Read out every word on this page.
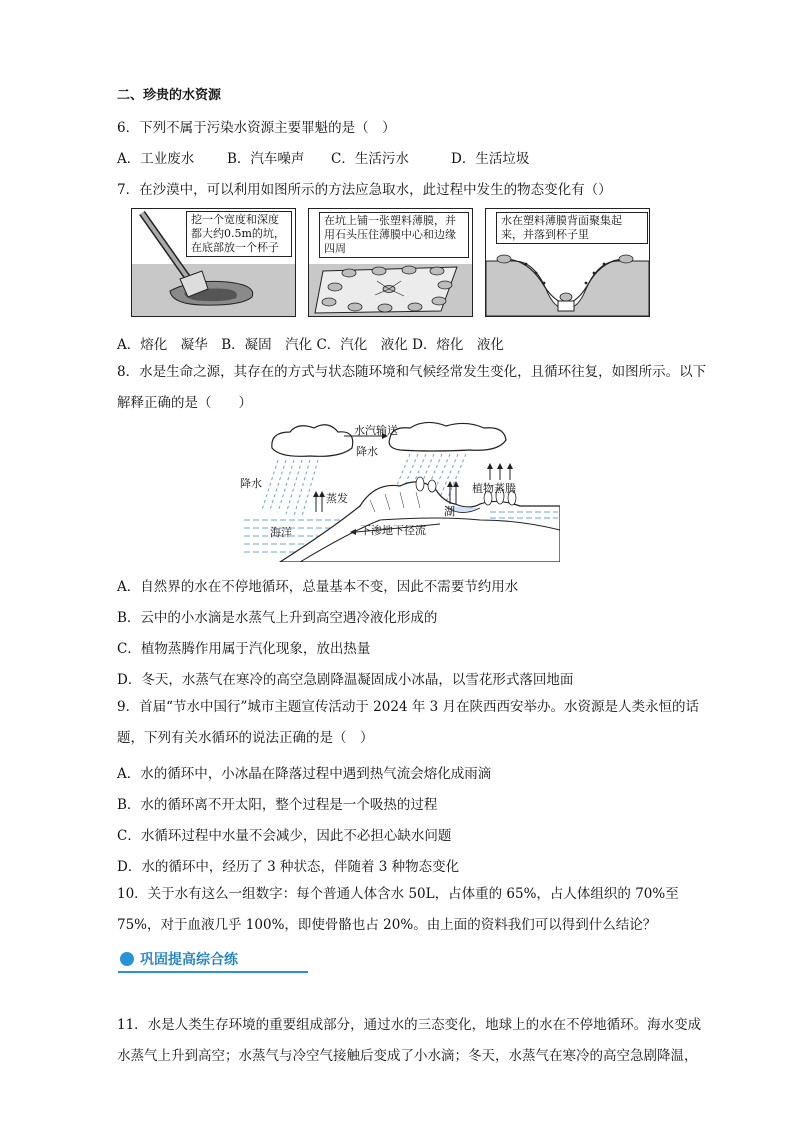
二、珍贵的水资源
6．下列不属于污染水资源主要罪魁的是（　）
A．工业废水 B．汽车噪声 C．生活污水	D．生活垃圾
7．在沙漠中，可以利用如图所示的方法应急取水，此过程中发生的物态变化有（）
挖一个宽度和深度都大约0.5m的坑，在底部放一个杯子
在坑上铺一张塑料薄膜，并用石头压住薄膜中心和边缘四周
水在塑料薄膜背面聚集起来，并落到杯子里
A．熔化　凝华　B．凝固　汽化 C．汽化　液化 D．熔化　液化
8．水是生命之源，其存在的方式与状态随环境和气候经常发生变化，且循环往复，如图所示。以下解释正确的是（　　）
水汽输送
降水
降水
蒸发
植物蒸腾
湖
海洋	下渗地下径流
A．自然界的水在不停地循环，总量基本不变，因此不需要节约用水
B．云中的小水滴是水蒸气上升到高空遇冷液化形成的
C．植物蒸腾作用属于汽化现象，放出热量
D．冬天，水蒸气在寒冷的高空急剧降温凝固成小冰晶，以雪花形式落回地面
9．首届“节水中国行”城市主题宣传活动于 2024 年 3 月在陕西西安举办。水资源是人类永恒的话题，下列有关水循环的说法正确的是（　）
A．水的循环中，小冰晶在降落过程中遇到热气流会熔化成雨滴
B．水的循环离不开太阳，整个过程是一个吸热的过程
C．水循环过程中水量不会减少，因此不必担心缺水问题
D．水的循环中，经历了 3 种状态，伴随着 3 种物态变化
10．关于水有这么一组数字：每个普通人体含水 50L，占体重的 65%，占人体组织的 70%至 75%，对于血液几乎 100%，即使骨骼也占 20%。由上面的资料我们可以得到什么结论？
巩固提高综合练
11．水是人类生存环境的重要组成部分，通过水的三态变化，地球上的水在不停地循环。海水变成水蒸气上升到高空；水蒸气与冷空气接触后变成了小水滴；冬天，水蒸气在寒冷的高空急剧降温，
